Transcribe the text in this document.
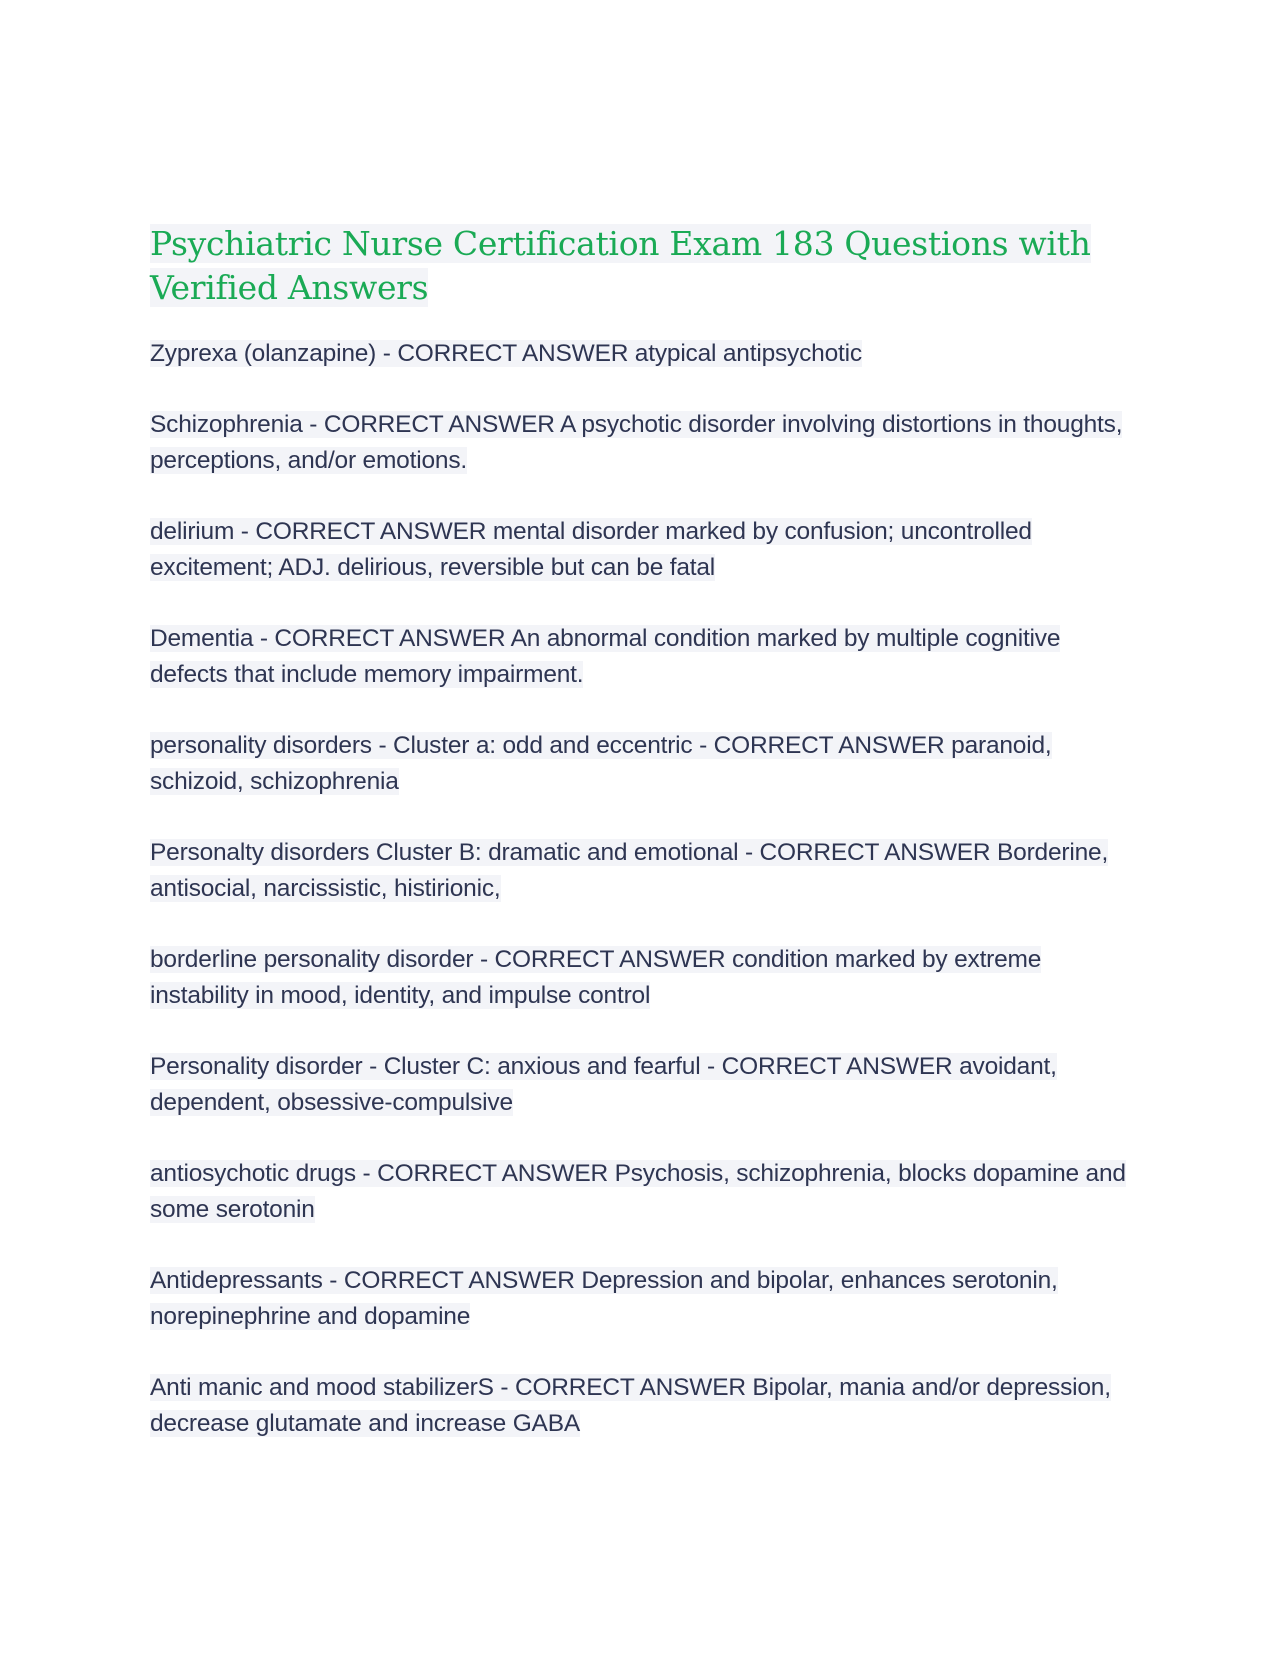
Psychiatric Nurse Certification Exam 183 Questions with Verified Answers

Zyprexa (olanzapine) - CORRECT ANSWER atypical antipsychotic

Schizophrenia - CORRECT ANSWER A psychotic disorder involving distortions in thoughts, perceptions, and/or emotions.

delirium - CORRECT ANSWER mental disorder marked by confusion; uncontrolled excitement; ADJ. delirious, reversible but can be fatal

Dementia - CORRECT ANSWER An abnormal condition marked by multiple cognitive defects that include memory impairment.

personality disorders - Cluster a: odd and eccentric - CORRECT ANSWER paranoid, schizoid, schizophrenia

Personalty disorders Cluster B: dramatic and emotional - CORRECT ANSWER Borderine, antisocial, narcissistic, histirionic,

borderline personality disorder - CORRECT ANSWER condition marked by extreme instability in mood, identity, and impulse control

Personality disorder - Cluster C: anxious and fearful - CORRECT ANSWER avoidant, dependent, obsessive-compulsive

antiosychotic drugs - CORRECT ANSWER Psychosis, schizophrenia, blocks dopamine and some serotonin

Antidepressants - CORRECT ANSWER Depression and bipolar, enhances serotonin, norepinephrine and dopamine

Anti manic and mood stabilizerS - CORRECT ANSWER Bipolar, mania and/or depression, decrease glutamate and increase GABA
